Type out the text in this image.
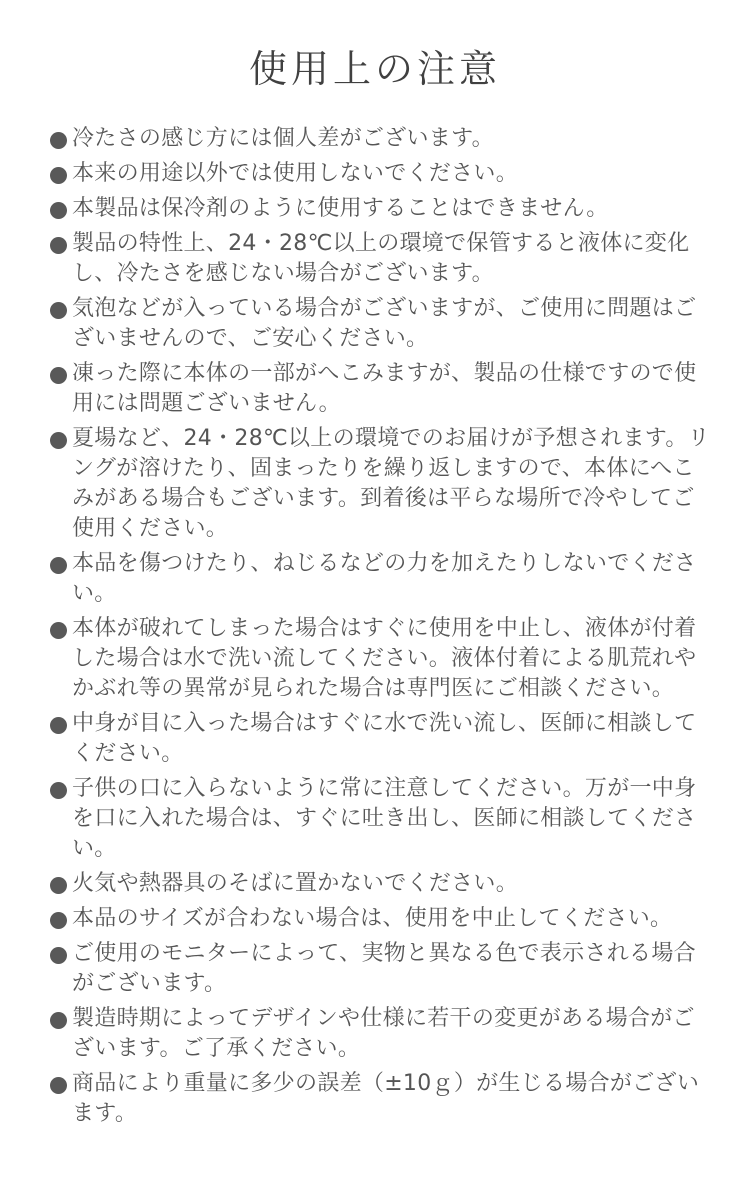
使用上の注意
冷たさの感じ方には個人差がございます。
本来の用途以外では使用しないでください。
本製品は保冷剤のように使用することはできません。
製品の特性上、24・28℃以上の環境で保管すると液体に変化し、冷たさを感じない場合がございます。
気泡などが入っている場合がございますが、ご使用に問題はございませんので、ご安心ください。
凍った際に本体の一部がへこみますが、製品の仕様ですので使用には問題ございません。
夏場など、24・28℃以上の環境でのお届けが予想されます。リングが溶けたり、固まったりを繰り返しますので、本体にへこみがある場合もございます。到着後は平らな場所で冷やしてご使用ください。
本品を傷つけたり、ねじるなどの力を加えたりしないでください。
本体が破れてしまった場合はすぐに使用を中止し、液体が付着した場合は水で洗い流してください。液体付着による肌荒れやかぶれ等の異常が見られた場合は専門医にご相談ください。
中身が目に入った場合はすぐに水で洗い流し、医師に相談してください。
子供の口に入らないように常に注意してください。万が一中身を口に入れた場合は、すぐに吐き出し、医師に相談してください。
火気や熱器具のそばに置かないでください。
本品のサイズが合わない場合は、使用を中止してください。
ご使用のモニターによって、実物と異なる色で表示される場合がございます。
製造時期によってデザインや仕様に若干の変更がある場合がございます。ご了承ください。
商品により重量に多少の誤差（±10ｇ）が生じる場合がございます。
